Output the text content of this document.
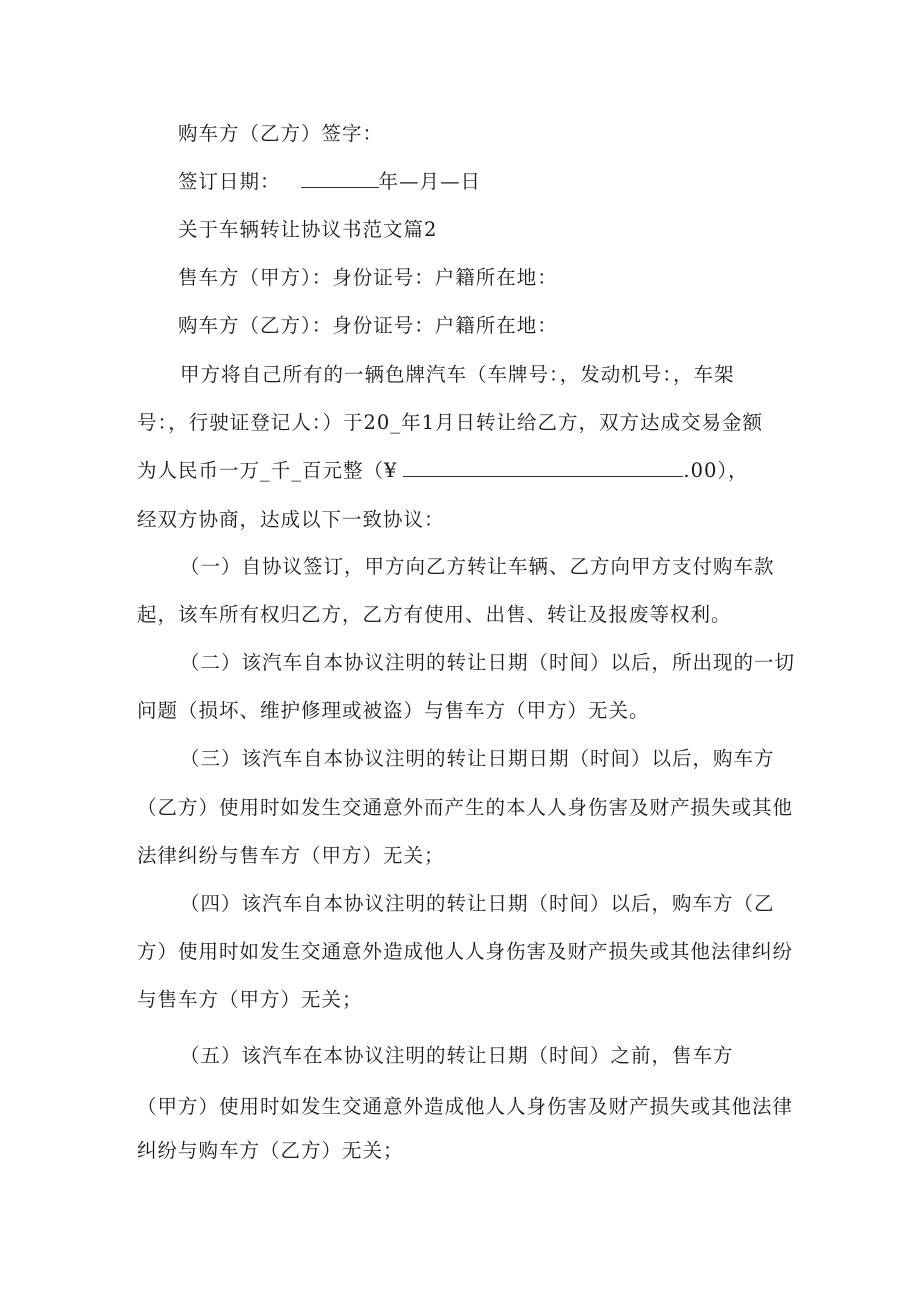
购车方（乙方）签字：
签订日期：	年—月—日
关于车辆转让协议书范文篇2
售车方（甲方）：身份证号：户籍所在地：
购车方（乙方）：身份证号：户籍所在地：
甲方将自己所有的一辆色牌汽车（车牌号：，发动机号：，车架
号：，行驶证登记人：）于20_年1月日转让给乙方，双方达成交易金额
为人民币一万_千_百元整（¥	.00），
经双方协商，达成以下一致协议：
（一）自协议签订，甲方向乙方转让车辆、乙方向甲方支付购车款
起，该车所有权归乙方，乙方有使用、出售、转让及报废等权利。
（二）该汽车自本协议注明的转让日期（时间）以后，所出现的一切
问题（损坏、维护修理或被盗）与售车方（甲方）无关。
（三）该汽车自本协议注明的转让日期日期（时间）以后，购车方
（乙方）使用时如发生交通意外而产生的本人人身伤害及财产损失或其他
法律纠纷与售车方（甲方）无关；
（四）该汽车自本协议注明的转让日期（时间）以后，购车方（乙
方）使用时如发生交通意外造成他人人身伤害及财产损失或其他法律纠纷
与售车方（甲方）无关；
（五）该汽车在本协议注明的转让日期（时间）之前，售车方
（甲方）使用时如发生交通意外造成他人人身伤害及财产损失或其他法律
纠纷与购车方（乙方）无关；
